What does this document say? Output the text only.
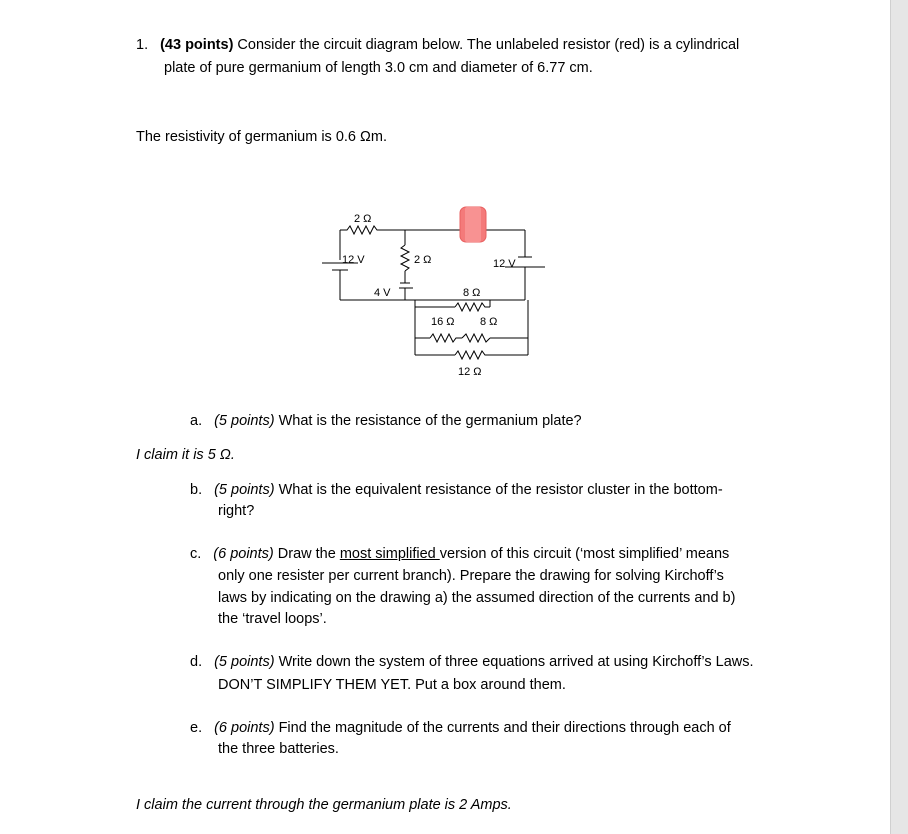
1. (43 points) Consider the circuit diagram below. The unlabeled resistor (red) is a cylindrical
plate of pure germanium of length 3.0 cm and diameter of 6.77 cm.
The resistivity of germanium is 0.6 Ωm.
2 Ω
12 V	2 Ω	12 V
4 V	8 Ω
16 Ω 8 Ω
12 Ω
a. (5 points) What is the resistance of the germanium plate?
I claim it is 5 Ω.
b. (5 points) What is the equivalent resistance of the resistor cluster in the bottom-
right?
c. (6 points) Draw the most simplified version of this circuit (‘most simplified’ means
only one resister per current branch). Prepare the drawing for solving Kirchoff’s
laws by indicating on the drawing a) the assumed direction of the currents and b)
the ‘travel loops’.
d. (5 points) Write down the system of three equations arrived at using Kirchoff’s Laws.
DON’T SIMPLIFY THEM YET. Put a box around them.
e. (6 points) Find the magnitude of the currents and their directions through each of
the three batteries.
I claim the current through the germanium plate is 2 Amps.
